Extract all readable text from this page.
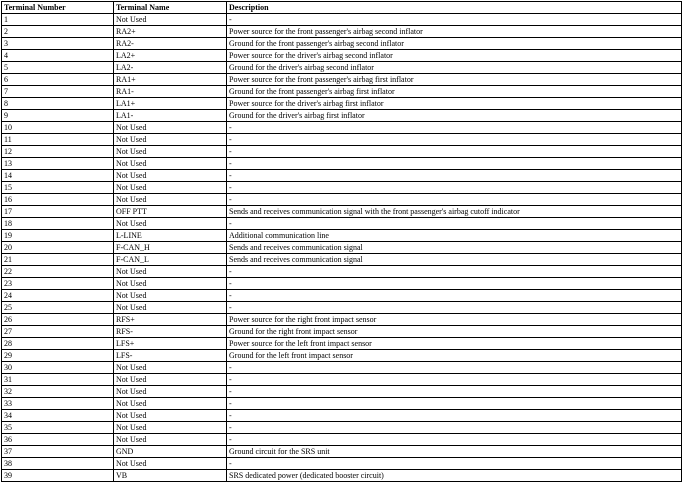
Terminal Number	Terminal Name	Description
1	Not Used	-
2	RA2+	Power source for the front passenger's airbag second inflator
3	RA2-	Ground for the front passenger's airbag second inflator
4	LA2+	Power source for the driver's airbag second inflator
5	LA2-	Ground for the driver's airbag second inflator
6	RA1+	Power source for the front passenger's airbag first inflator
7	RA1-	Ground for the front passenger's airbag first inflator
8	LA1+	Power source for the driver's airbag first inflator
9	LA1-	Ground for the driver's airbag first inflator
10	Not Used	-
11	Not Used	-
12	Not Used	-
13	Not Used	-
14	Not Used	-
15	Not Used	-
16	Not Used	-
17	OFF PTT	Sends and receives communication signal with the front passenger's airbag cutoff indicator
18	Not Used	-
19	L-LINE	Additional communication line
20	F-CAN_H	Sends and receives communication signal
21	F-CAN_L	Sends and receives communication signal
22	Not Used	-
23	Not Used	-
24	Not Used	-
25	Not Used	-
26	RFS+	Power source for the right front impact sensor
27	RFS-	Ground for the right front impact sensor
28	LFS+	Power source for the left front impact sensor
29	LFS-	Ground for the left front impact sensor
30	Not Used	-
31	Not Used	-
32	Not Used	-
33	Not Used	-
34	Not Used	-
35	Not Used	-
36	Not Used	-
37	GND	Ground circuit for the SRS unit
38	Not Used	-
39	VB	SRS dedicated power (dedicated booster circuit)
